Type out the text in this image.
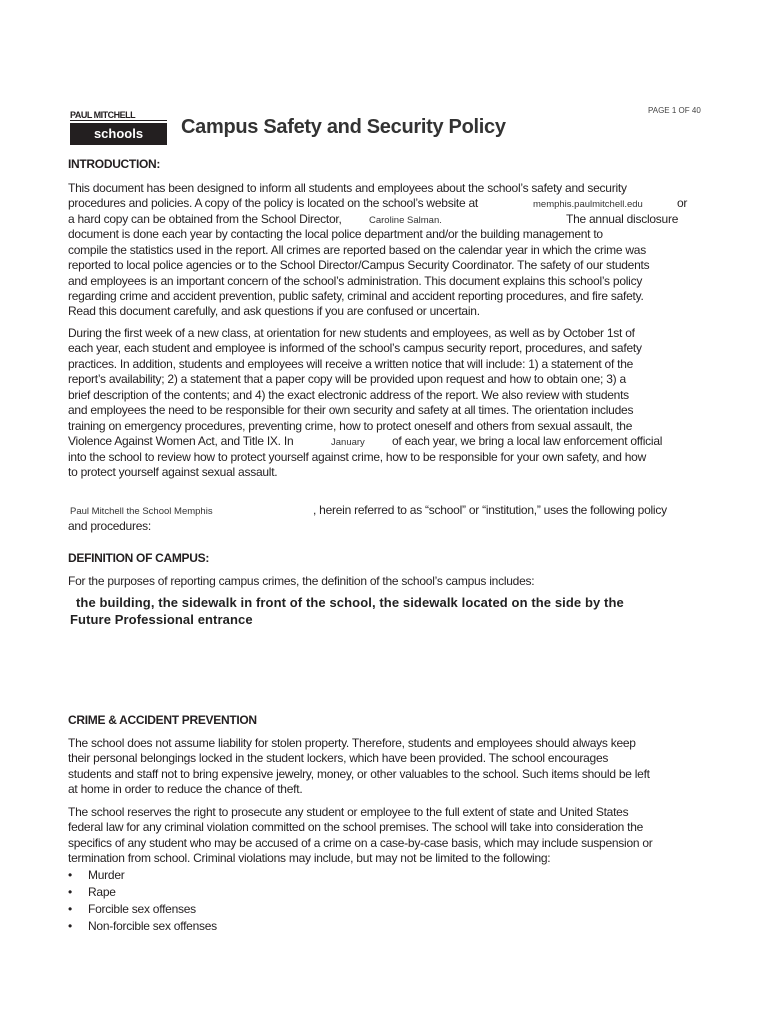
PAUL MITCHELL
schools	Campus Safety and Security Policy
PAGE 1 OF 40
INTRODUCTION:
This document has been designed to inform all students and employees about the school’s safety and security
procedures and policies. A copy of the policy is located on the school’s website at	memphis.paulmitchell.edu	or
a hard copy can be obtained from the School Director,	Caroline Salman.	The annual disclosure
document is done each year by contacting the local police department and/or the building management to
compile the statistics used in the report. All crimes are reported based on the calendar year in which the crime was
reported to local police agencies or to the School Director/Campus Security Coordinator. The safety of our students
and employees is an important concern of the school’s administration. This document explains this school’s policy
regarding crime and accident prevention, public safety, criminal and accident reporting procedures, and fire safety.
Read this document carefully, and ask questions if you are confused or uncertain.
During the first week of a new class, at orientation for new students and employees, as well as by October 1st of
each year, each student and employee is informed of the school’s campus security report, procedures, and safety
practices. In addition, students and employees will receive a written notice that will include: 1) a statement of the
report’s availability; 2) a statement that a paper copy will be provided upon request and how to obtain one; 3) a
brief description of the contents; and 4) the exact electronic address of the report. We also review with students
and employees the need to be responsible for their own security and safety at all times. The orientation includes
training on emergency procedures, preventing crime, how to protect oneself and others from sexual assault, the
Violence Against Women Act, and Title IX. In	January of each year, we bring a local law enforcement official
into the school to review how to protect yourself against crime, how to be responsible for your own safety, and how
to protect yourself against sexual assault.
Paul Mitchell the School Memphis	, herein referred to as “school” or “institution,” uses the following policy
and procedures:
DEFINITION OF CAMPUS:
For the purposes of reporting campus crimes, the definition of the school’s campus includes:
the building, the sidewalk in front of the school, the sidewalk located on the side by the
Future Professional entrance
CRIME & ACCIDENT PREVENTION
The school does not assume liability for stolen property. Therefore, students and employees should always keep
their personal belongings locked in the student lockers, which have been provided. The school encourages
students and staff not to bring expensive jewelry, money, or other valuables to the school. Such items should be left
at home in order to reduce the chance of theft.
The school reserves the right to prosecute any student or employee to the full extent of state and United States
federal law for any criminal violation committed on the school premises. The school will take into consideration the
specifics of any student who may be accused of a crime on a case-by-case basis, which may include suspension or
termination from school. Criminal violations may include, but may not be limited to the following:
• Murder
• Rape
• Forcible sex offenses
• Non-forcible sex offenses
